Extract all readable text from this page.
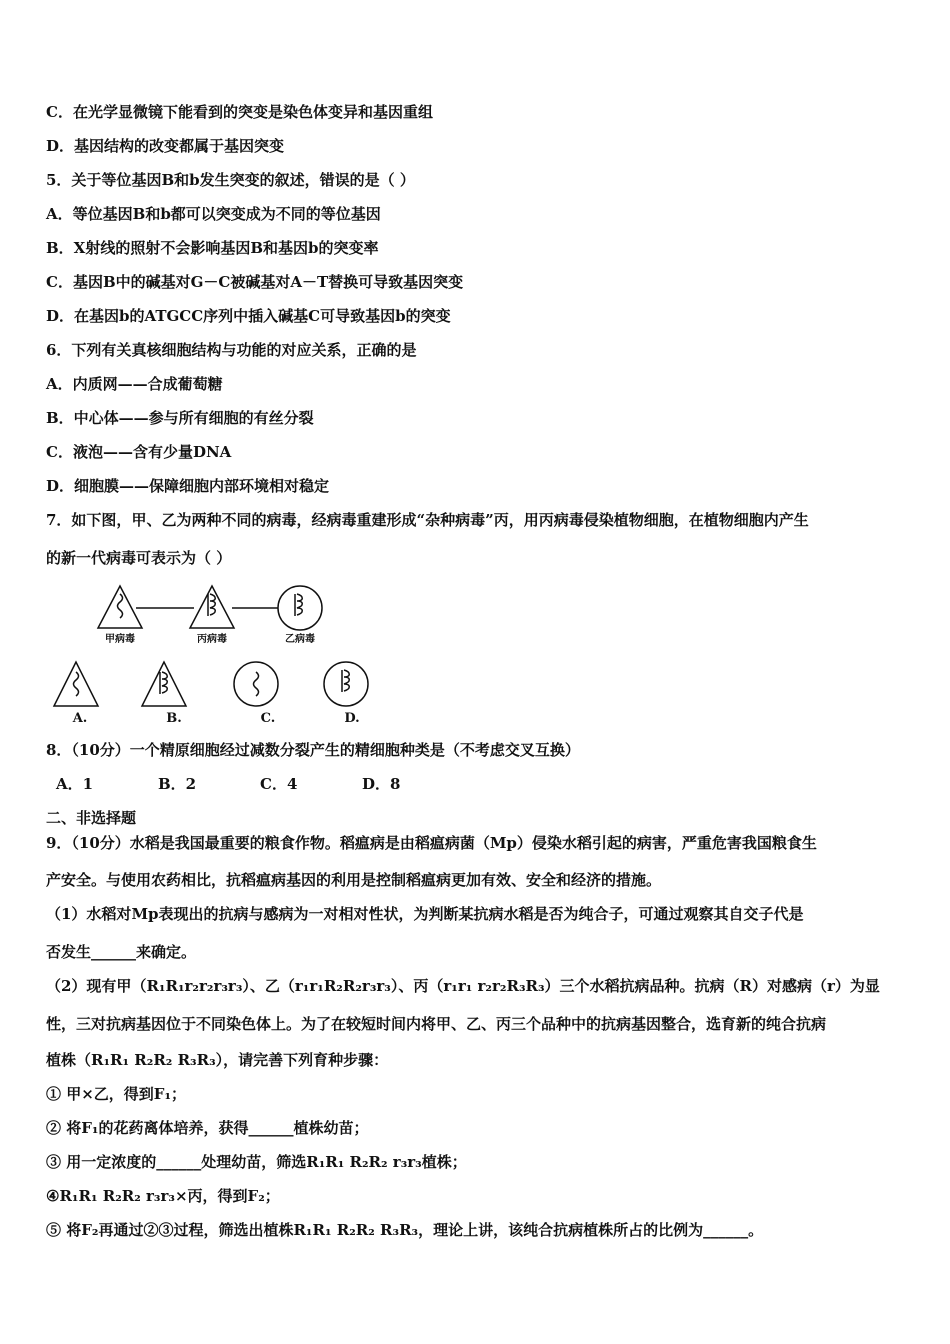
C．在光学显微镜下能看到的突变是染色体变异和基因重组
D．基因结构的改变都属于基因突变
5．关于等位基因B和b发生突变的叙述，错误的是（ ）
A．等位基因B和b都可以突变成为不同的等位基因
B．X射线的照射不会影响基因B和基因b的突变率
C．基因B中的碱基对G－C被碱基对A－T替换可导致基因突变
D．在基因b的ATGCC序列中插入碱基C可导致基因b的突变
6．下列有关真核细胞结构与功能的对应关系，正确的是
A．内质网——合成葡萄糖
B．中心体——参与所有细胞的有丝分裂
C．液泡——含有少量DNA
D．细胞膜——保障细胞内部环境相对稳定
7．如下图，甲、乙为两种不同的病毒，经病毒重建形成“杂种病毒”丙，用丙病毒侵染植物细胞，在植物细胞内产生
的新一代病毒可表示为（ ）
甲病毒	丙病毒	乙病毒
A.	B.	C.	D.
8．（10分）一个精原细胞经过减数分裂产生的精细胞种类是（不考虑交叉互换）
A．1	B．2	C．4	D．8
二、非选择题
9．（10分）水稻是我国最重要的粮食作物。稻瘟病是由稻瘟病菌（Mp）侵染水稻引起的病害，严重危害我国粮食生
产安全。与使用农药相比，抗稻瘟病基因的利用是控制稻瘟病更加有效、安全和经济的措施。
（1）水稻对Mp表现出的抗病与感病为一对相对性状，为判断某抗病水稻是否为纯合子，可通过观察其自交子代是
否发生______来确定。
（2）现有甲（R₁R₁r₂r₂r₃r₃）、乙（r₁r₁R₂R₂r₃r₃）、丙（r₁r₁ r₂r₂R₃R₃）三个水稻抗病品种。抗病（R）对感病（r）为显
性，三对抗病基因位于不同染色体上。为了在较短时间内将甲、乙、丙三个品种中的抗病基因整合，选育新的纯合抗病
植株（R₁R₁ R₂R₂ R₃R₃），请完善下列育种步骤：
① 甲×乙，得到F₁；
② 将F₁的花药离体培养，获得______植株幼苗；
③ 用一定浓度的______处理幼苗，筛选R₁R₁ R₂R₂ r₃r₃植株；
④R₁R₁ R₂R₂ r₃r₃×丙，得到F₂；
⑤ 将F₂再通过②③过程，筛选出植株R₁R₁ R₂R₂ R₃R₃，理论上讲，该纯合抗病植株所占的比例为______。
